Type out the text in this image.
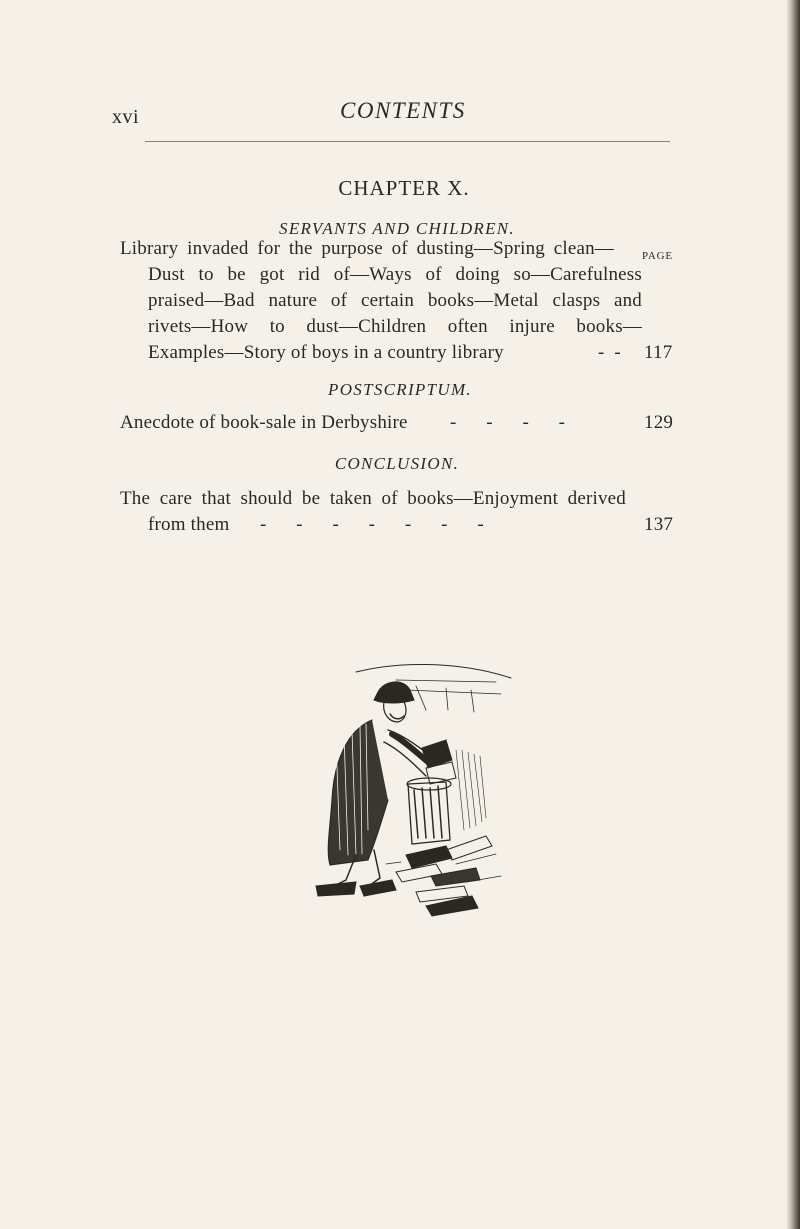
xvi	CONTENTS
CHAPTER X.
SERVANTS AND CHILDREN.
PAGE
Library invaded for the purpose of dusting—Spring clean—
Dust to be got rid of—Ways of doing so—Carefulness
praised—Bad nature of certain books—Metal clasps and
rivets—How to dust—Children often injure books—
Examples—Story of boys in a country library	-  - 117
POSTSCRIPTUM.
Anecdote of book-sale in Derbyshire -      -      -      -	129
CONCLUSION.
The care that should be taken of books—Enjoyment derived
from them -      -      -      -      -      -      -	137
